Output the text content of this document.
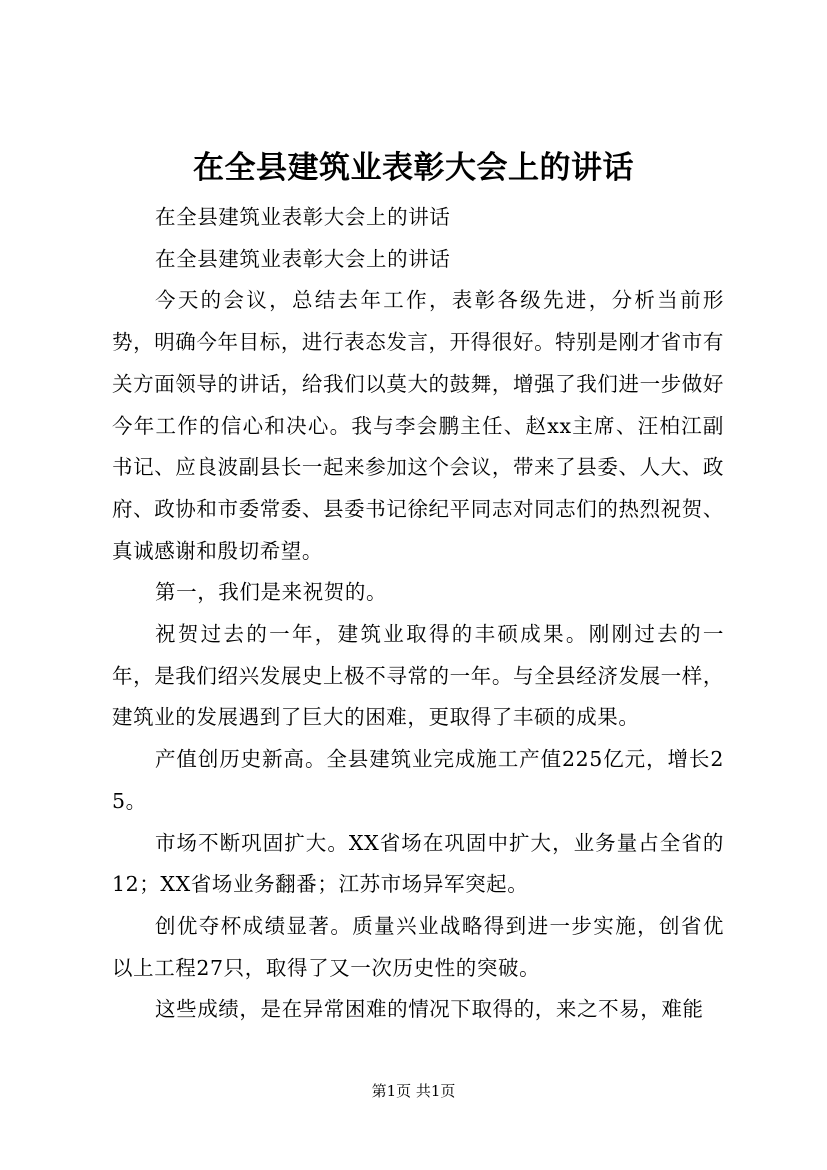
在全县建筑业表彰大会上的讲话

在全县建筑业表彰大会上的讲话

在全县建筑业表彰大会上的讲话

今天的会议，总结去年工作，表彰各级先进，分析当前形势，明确今年目标，进行表态发言，开得很好。特别是刚才省市有关方面领导的讲话，给我们以莫大的鼓舞，增强了我们进一步做好今年工作的信心和决心。我与李会鹏主任、赵xx主席、汪柏江副书记、应良波副县长一起来参加这个会议，带来了县委、人大、政府、政协和市委常委、县委书记徐纪平同志对同志们的热烈祝贺、真诚感谢和殷切希望。

第一，我们是来祝贺的。

祝贺过去的一年，建筑业取得的丰硕成果。刚刚过去的一年，是我们绍兴发展史上极不寻常的一年。与全县经济发展一样，建筑业的发展遇到了巨大的困难，更取得了丰硕的成果。

产值创历史新高。全县建筑业完成施工产值225亿元，增长25。

市场不断巩固扩大。XX省场在巩固中扩大，业务量占全省的12；XX省场业务翻番；江苏市场异军突起。

创优夺杯成绩显著。质量兴业战略得到进一步实施，创省优以上工程27只，取得了又一次历史性的突破。

这些成绩，是在异常困难的情况下取得的，来之不易，难能

第1页 共1页
